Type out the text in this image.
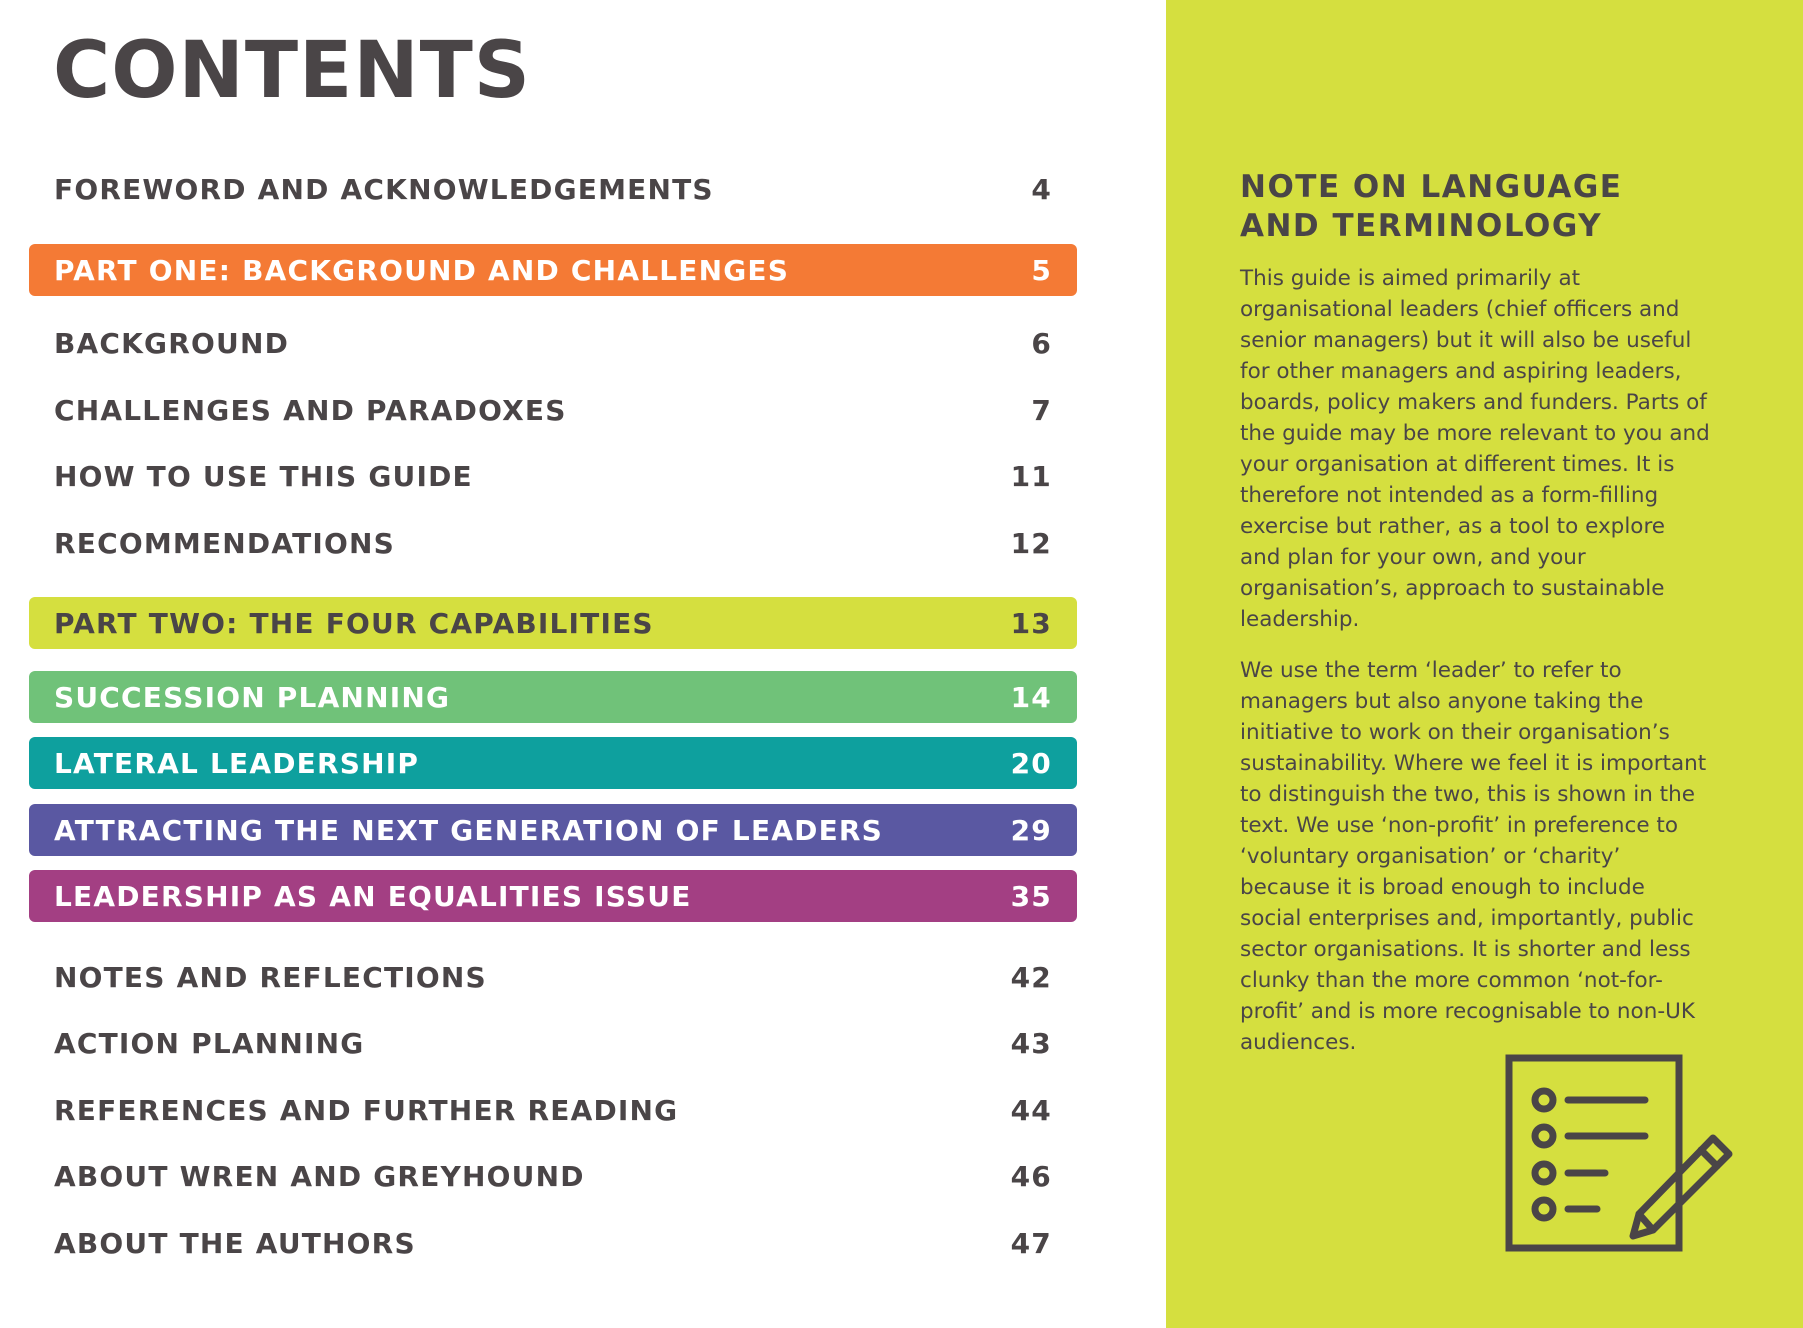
CONTENTS
FOREWORD AND ACKNOWLEDGEMENTS	4
PART ONE: BACKGROUND AND CHALLENGES	5
BACKGROUND	6
CHALLENGES AND PARADOXES	7
HOW TO USE THIS GUIDE	11
RECOMMENDATIONS	12
PART TWO: THE FOUR CAPABILITIES	13
SUCCESSION PLANNING	14
LATERAL LEADERSHIP	20
ATTRACTING THE NEXT GENERATION OF LEADERS	29
LEADERSHIP AS AN EQUALITIES ISSUE	35
NOTES AND REFLECTIONS	42
ACTION PLANNING	43
REFERENCES AND FURTHER READING	44
ABOUT WREN AND GREYHOUND	46
ABOUT THE AUTHORS	47
NOTE ON LANGUAGE
AND TERMINOLOGY

This guide is aimed primarily at organisational leaders (chief officers and senior managers) but it will also be useful for other managers and aspiring leaders, boards, policy makers and funders. Parts of the guide may be more relevant to you and your organisation at different times. It is therefore not intended as a form-filling exercise but rather, as a tool to explore and plan for your own, and your organisation’s, approach to sustainable leadership.

We use the term ‘leader’ to refer to managers but also anyone taking the initiative to work on their organisation’s sustainability. Where we feel it is important to distinguish the two, this is shown in the text. We use ‘non-profit’ in preference to ‘voluntary organisation’ or ‘charity’ because it is broad enough to include social enterprises and, importantly, public sector organisations. It is shorter and less clunky than the more common ‘not-for-profit’ and is more recognisable to non-UK audiences.
